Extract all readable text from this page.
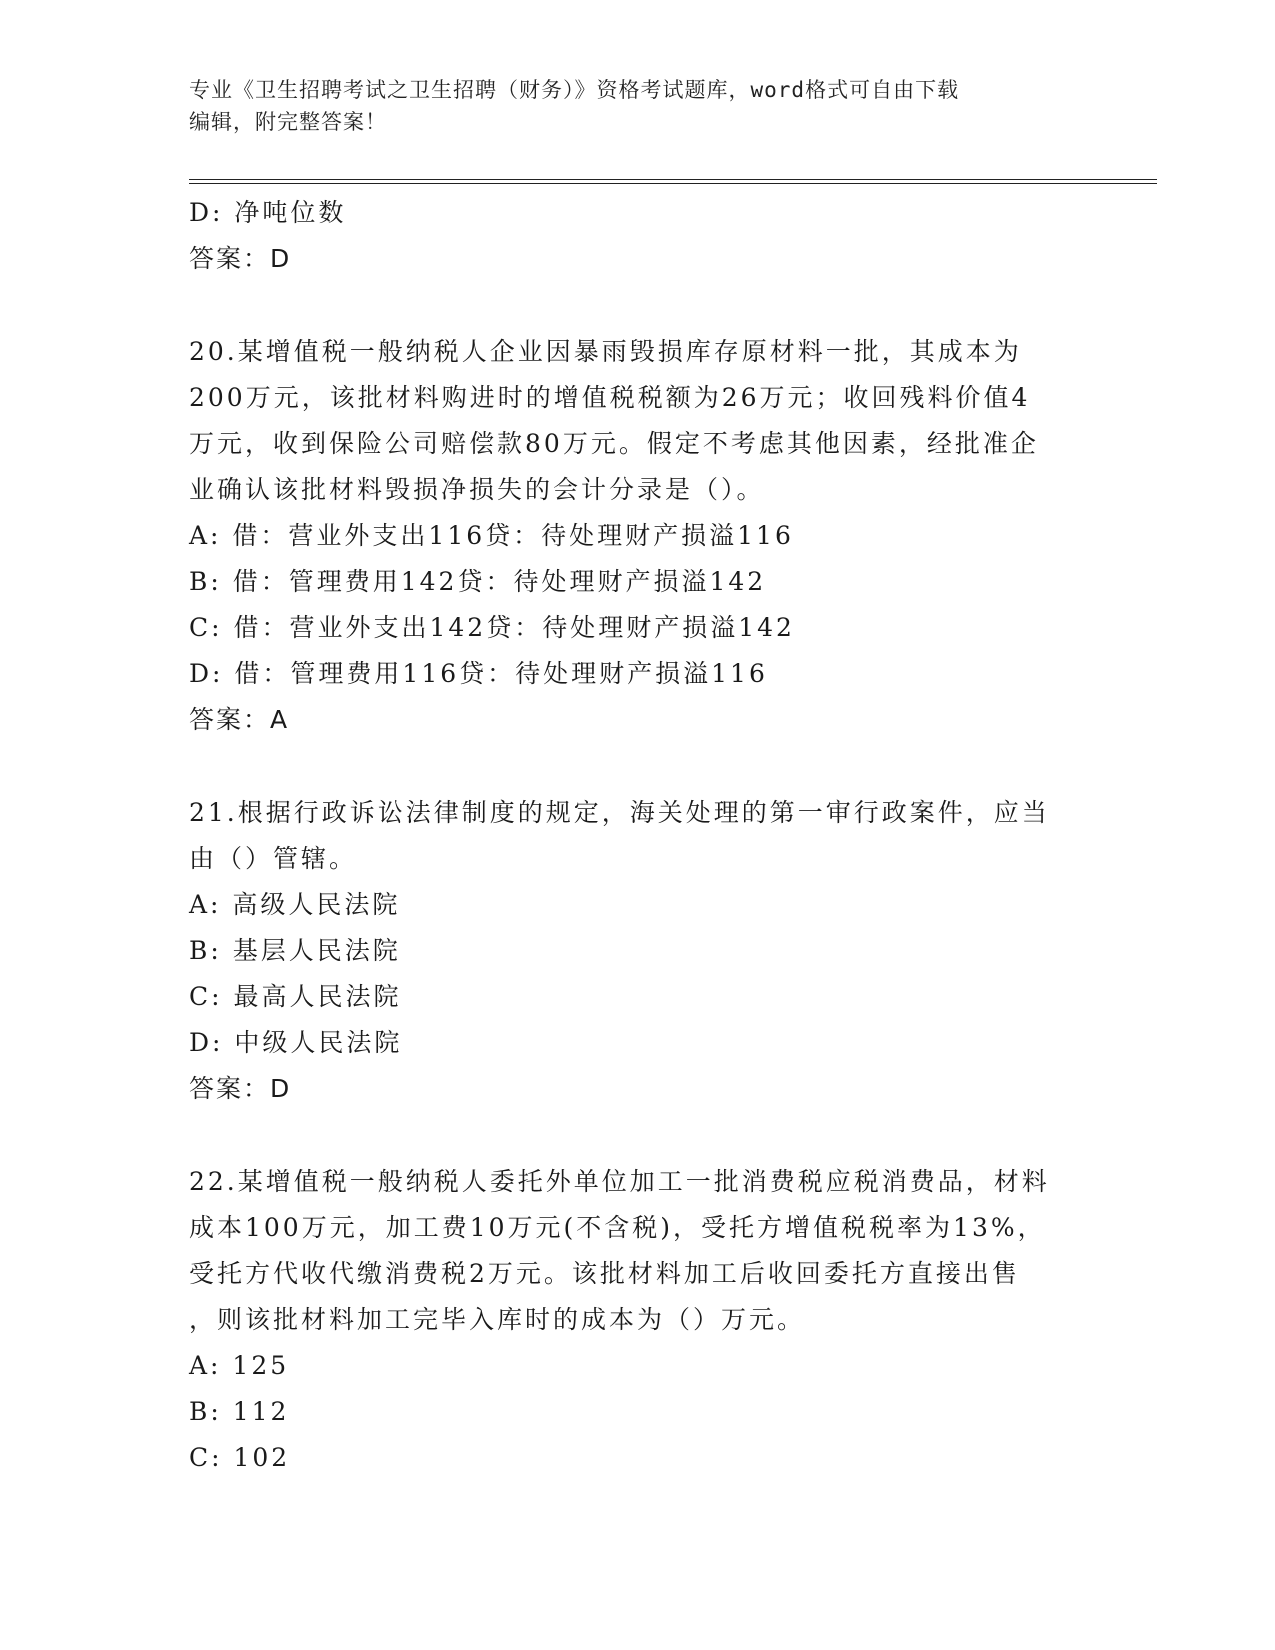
专业《卫生招聘考试之卫生招聘（财务）》资格考试题库，word格式可自由下载
编辑，附完整答案！
D: 净吨位数
答案：D
20.某增值税一般纳税人企业因暴雨毁损库存原材料一批，其成本为
200万元，该批材料购进时的增值税税额为26万元；收回残料价值4
万元，收到保险公司赔偿款80万元。假定不考虑其他因素，经批准企
业确认该批材料毁损净损失的会计分录是（）。
A: 借：营业外支出116贷：待处理财产损溢116
B: 借：管理费用142贷：待处理财产损溢142
C: 借：营业外支出142贷：待处理财产损溢142
D: 借：管理费用116贷：待处理财产损溢116
答案：A
21.根据行政诉讼法律制度的规定，海关处理的第一审行政案件，应当
由（）管辖。
A: 高级人民法院
B: 基层人民法院
C: 最高人民法院
D: 中级人民法院
答案：D
22.某增值税一般纳税人委托外单位加工一批消费税应税消费品，材料
成本100万元，加工费10万元(不含税)，受托方增值税税率为13%，
受托方代收代缴消费税2万元。该批材料加工后收回委托方直接出售
，则该批材料加工完毕入库时的成本为（）万元。
A: 125
B: 112
C: 102
